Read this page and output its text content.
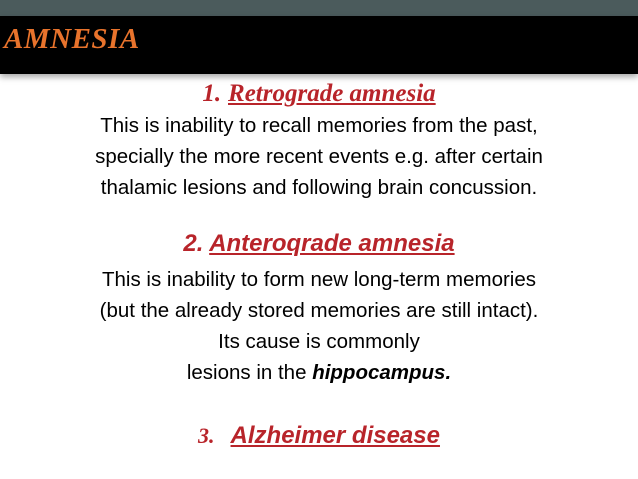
AMNESIA
1. Retrograde amnesia
This is inability to recall memories from the past,
specially the more recent events e.g. after certain
thalamic lesions and following brain concussion.
2. Anteroqrade amnesia
This is inability to form new long-term memories
(but the already stored memories are still intact).
Its cause is commonly
lesions in the hippocampus.
3. Alzheimer disease
